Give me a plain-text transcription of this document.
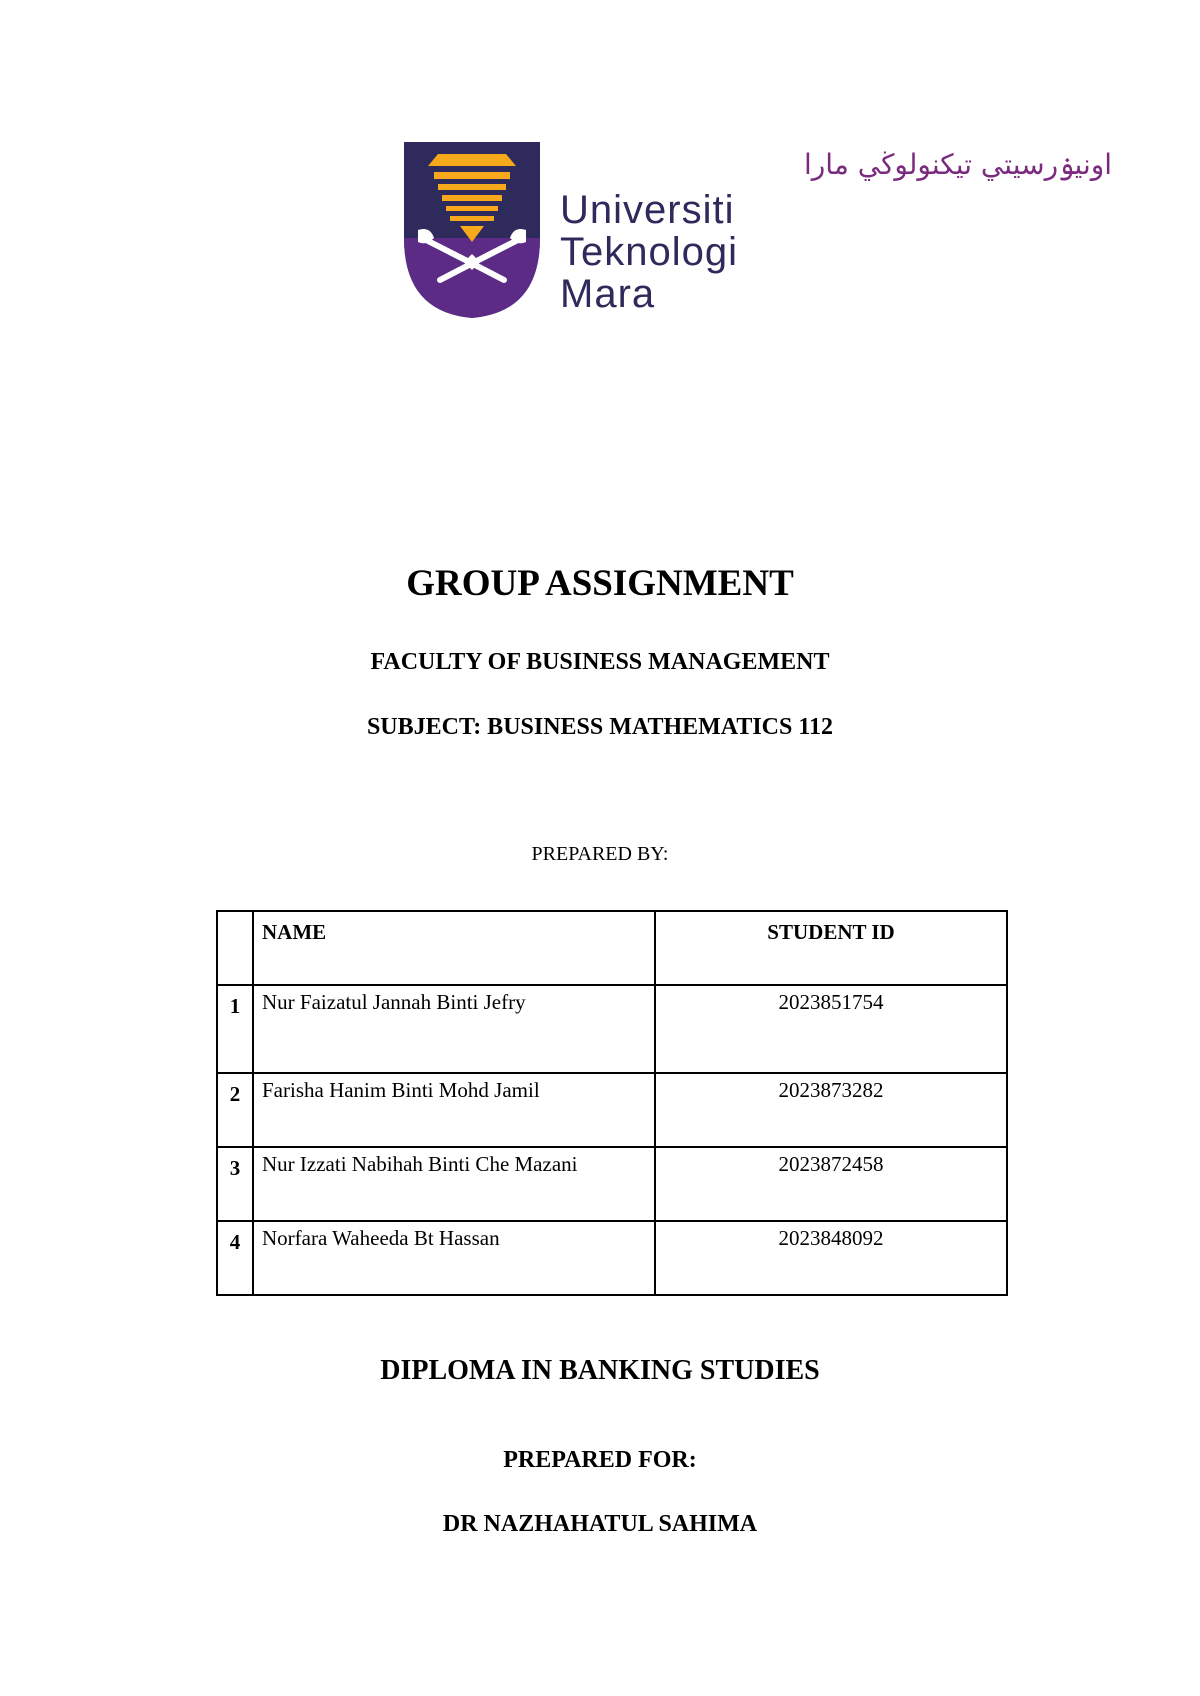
اونيۏرسيتي تيكنولوڬي مارا
Universiti
Teknologi
Mara
GROUP ASSIGNMENT
FACULTY OF BUSINESS MANAGEMENT
SUBJECT: BUSINESS MATHEMATICS 112
PREPARED BY:
	NAME	STUDENT ID
1	Nur Faizatul Jannah Binti Jefry	2023851754
2	Farisha Hanim Binti Mohd Jamil	2023873282
3	Nur Izzati Nabihah Binti Che Mazani	2023872458
4	Norfara Waheeda Bt Hassan	2023848092
DIPLOMA IN BANKING STUDIES
PREPARED FOR:
DR NAZHAHATUL SAHIMA
